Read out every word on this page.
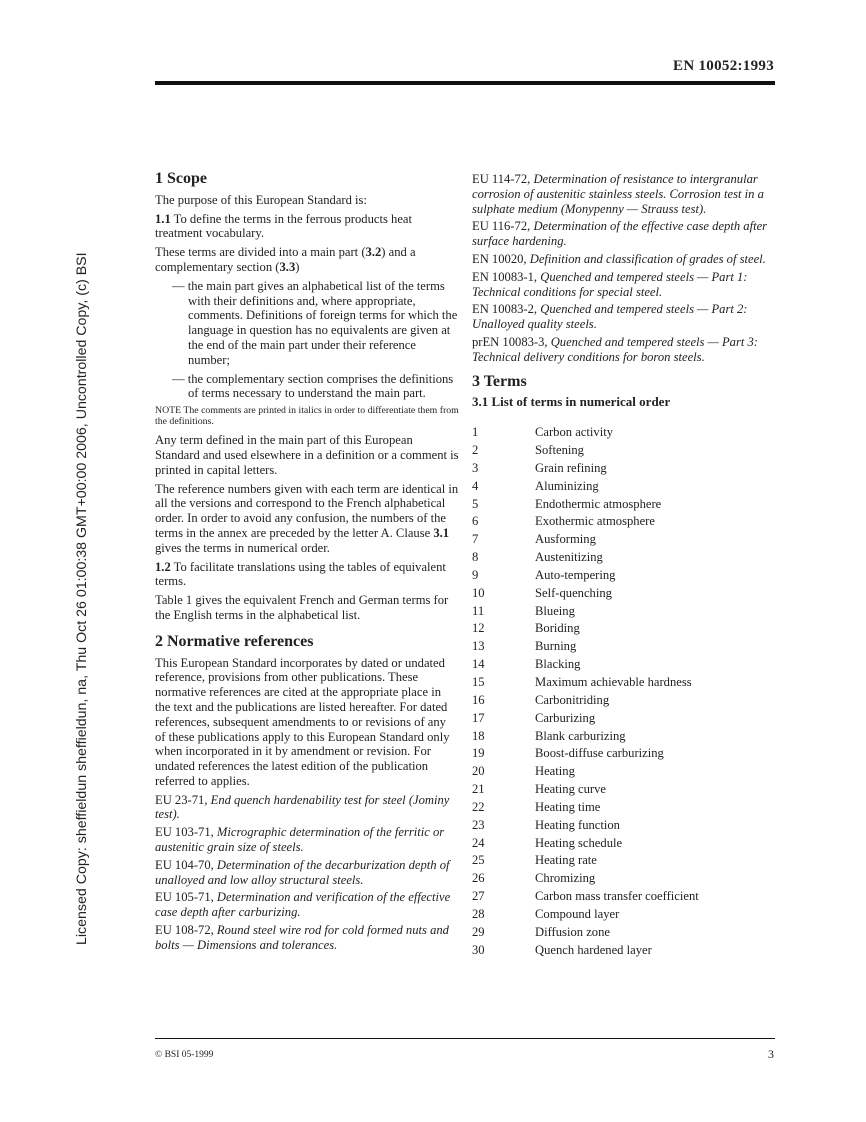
EN 10052:1993
Licensed Copy: sheffieldun sheffieldun, na, Thu Oct 26 01:00:38 GMT+00:00 2006, Uncontrolled Copy, (c) BSI
1 Scope

The purpose of this European Standard is:

1.1 To define the terms in the ferrous products heat treatment vocabulary.

These terms are divided into a main part (3.2) and a complementary section (3.3)

— the main part gives an alphabetical list of the terms with their definitions and, where appropriate, comments. Definitions of foreign terms for which the language in question has no equivalents are given at the end of the main part under their reference number;

— the complementary section comprises the definitions of terms necessary to understand the main part.

NOTE The comments are printed in italics in order to differentiate them from the definitions.

Any term defined in the main part of this European Standard and used elsewhere in a definition or a comment is printed in capital letters.

The reference numbers given with each term are identical in all the versions and correspond to the French alphabetical order. In order to avoid any confusion, the numbers of the terms in the annex are preceded by the letter A. Clause 3.1 gives the terms in numerical order.

1.2 To facilitate translations using the tables of equivalent terms.

Table 1 gives the equivalent French and German terms for the English terms in the alphabetical list.

2 Normative references

This European Standard incorporates by dated or undated reference, provisions from other publications. These normative references are cited at the appropriate place in the text and the publications are listed hereafter. For dated references, subsequent amendments to or revisions of any of these publications apply to this European Standard only when incorporated in it by amendment or revision. For undated references the latest edition of the publication referred to applies.

EU 23-71, End quench hardenability test for steel (Jominy test).

EU 103-71, Micrographic determination of the ferritic or austenitic grain size of steels.

EU 104-70, Determination of the decarburization depth of unalloyed and low alloy structural steels.

EU 105-71, Determination and verification of the effective case depth after carburizing.

EU 108-72, Round steel wire rod for cold formed nuts and bolts — Dimensions and tolerances.

EU 114-72, Determination of resistance to intergranular corrosion of austenitic stainless steels. Corrosion test in a sulphate medium (Monypenny — Strauss test).

EU 116-72, Determination of the effective case depth after surface hardening.

EN 10020, Definition and classification of grades of steel.

EN 10083-1, Quenched and tempered steels — Part 1: Technical conditions for special steel.

EN 10083-2, Quenched and tempered steels — Part 2: Unalloyed quality steels.

prEN 10083-3, Quenched and tempered steels — Part 3: Technical delivery conditions for boron steels.

3 Terms
3.1 List of terms in numerical order
1	Carbon activity
2	Softening
3	Grain refining
4	Aluminizing
5	Endothermic atmosphere
6	Exothermic atmosphere
7	Ausforming
8	Austenitizing
9	Auto-tempering
10	Self-quenching
11	Blueing
12	Boriding
13	Burning
14	Blacking
15	Maximum achievable hardness
16	Carbonitriding
17	Carburizing
18	Blank carburizing
19	Boost-diffuse carburizing
20	Heating
21	Heating curve
22	Heating time
23	Heating function
24	Heating schedule
25	Heating rate
26	Chromizing
27	Carbon mass transfer coefficient
28	Compound layer
29	Diffusion zone
30	Quench hardened layer
© BSI 05-1999	3
